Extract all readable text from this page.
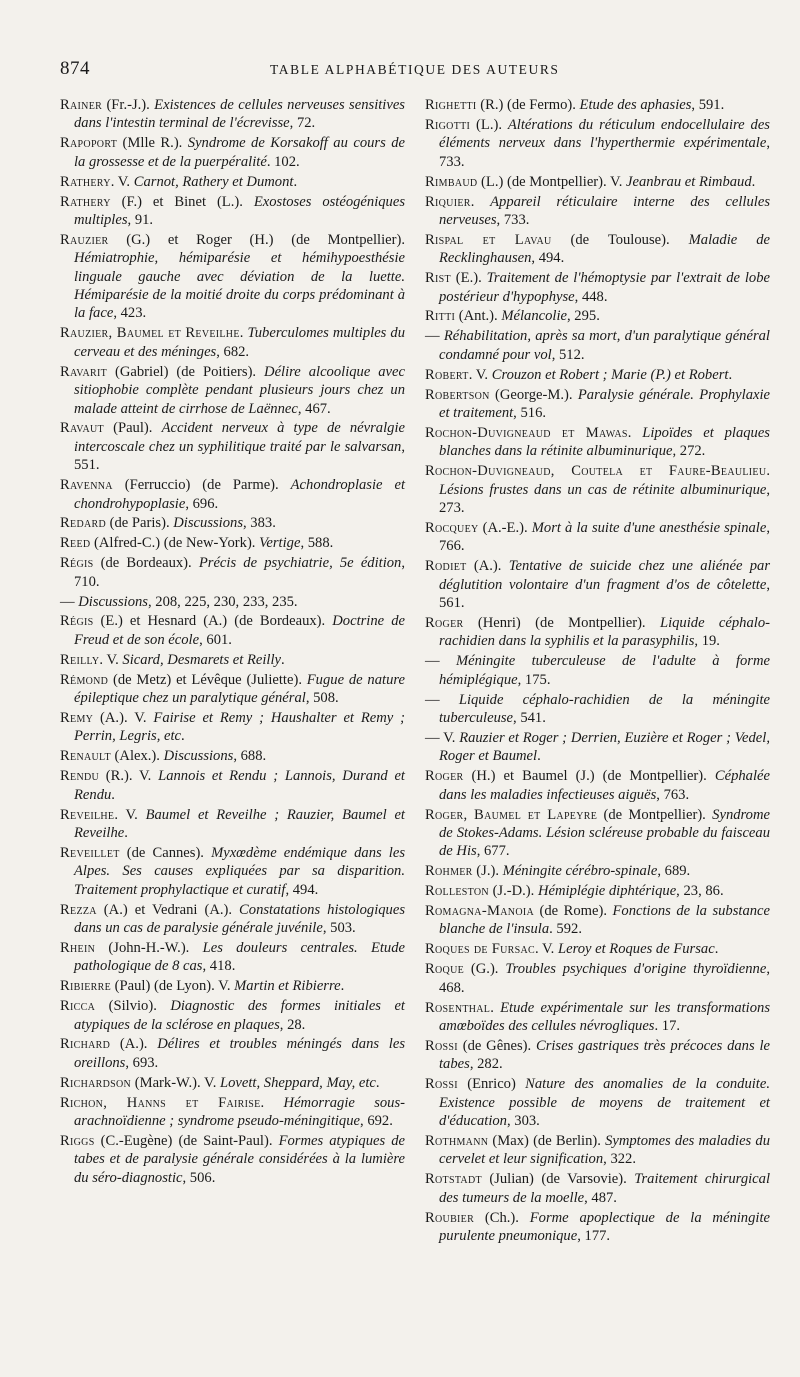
874	TABLE ALPHABÉTIQUE DES AUTEURS

Rainer (Fr.-J.). Existences de cellules nerveuses sensitives dans l'intestin terminal de l'écrevisse, 72.

Rapoport (Mlle R.). Syndrome de Korsakoff au cours de la grossesse et de la puerpéralité. 102.

Rathery. V. Carnot, Rathery et Dumont.

Rathery (F.) et Binet (L.). Exostoses ostéogéniques multiples, 91.

Rauzier (G.) et Roger (H.) (de Montpellier). Hémiatrophie, hémiparésie et hémihypoesthésie linguale gauche avec déviation de la luette. Hémiparésie de la moitié droite du corps prédominant à la face, 423.

Rauzier, Baumel et Reveilhe. Tuberculomes multiples du cerveau et des méninges, 682.

Ravarit (Gabriel) (de Poitiers). Délire alcoolique avec sitiophobie complète pendant plusieurs jours chez un malade atteint de cirrhose de Laënnec, 467.

Ravaut (Paul). Accident nerveux à type de névralgie intercoscale chez un syphilitique traité par le salvarsan, 551.

Ravenna (Ferruccio) (de Parme). Achondroplasie et chondrohypoplasie, 696.

Redard (de Paris). Discussions, 383.

Reed (Alfred-C.) (de New-York). Vertige, 588.

Régis (de Bordeaux). Précis de psychiatrie, 5e édition, 710.

— Discussions, 208, 225, 230, 233, 235.

Régis (E.) et Hesnard (A.) (de Bordeaux). Doctrine de Freud et de son école, 601.

Reilly. V. Sicard, Desmarets et Reilly.

Rémond (de Metz) et Lévêque (Juliette). Fugue de nature épileptique chez un paralytique général, 508.

Remy (A.). V. Fairise et Remy ; Haushalter et Remy ; Perrin, Legris, etc.

Renault (Alex.). Discussions, 688.

Rendu (R.). V. Lannois et Rendu ; Lannois, Durand et Rendu.

Reveilhe. V. Baumel et Reveilhe ; Rauzier, Baumel et Reveilhe.

Reveillet (de Cannes). Myxœdème endémique dans les Alpes. Ses causes expliquées par sa disparition. Traitement prophylactique et curatif, 494.

Rezza (A.) et Vedrani (A.). Constatations histologiques dans un cas de paralysie générale juvénile, 503.

Rhein (John-H.-W.). Les douleurs centrales. Etude pathologique de 8 cas, 418.

Ribierre (Paul) (de Lyon). V. Martin et Ribierre.

Ricca (Silvio). Diagnostic des formes initiales et atypiques de la sclérose en plaques, 28.

Richard (A.). Délires et troubles méningés dans les oreillons, 693.

Richardson (Mark-W.). V. Lovett, Sheppard, May, etc.

Richon, Hanns et Fairise. Hémorragie sous-arachnoïdienne ; syndrome pseudo-méningitique, 692.

Riggs (C.-Eugène) (de Saint-Paul). Formes atypiques de tabes et de paralysie générale considérées à la lumière du séro-diagnostic, 506.

Righetti (R.) (de Fermo). Etude des aphasies, 591.

Rigotti (L.). Altérations du réticulum endocellulaire des éléments nerveux dans l'hyperthermie expérimentale, 733.

Rimbaud (L.) (de Montpellier). V. Jeanbrau et Rimbaud.

Riquier. Appareil réticulaire interne des cellules nerveuses, 733.

Rispal et Lavau (de Toulouse). Maladie de Recklinghausen, 494.

Rist (E.). Traitement de l'hémoptysie par l'extrait de lobe postérieur d'hypophyse, 448.

Ritti (Ant.). Mélancolie, 295.

— Réhabilitation, après sa mort, d'un paralytique général condamné pour vol, 512.

Robert. V. Crouzon et Robert ; Marie (P.) et Robert.

Robertson (George-M.). Paralysie générale. Prophylaxie et traitement, 516.

Rochon-Duvigneaud et Mawas. Lipoïdes et plaques blanches dans la rétinite albuminurique, 272.

Rochon-Duvigneaud, Coutela et Faure-Beaulieu. Lésions frustes dans un cas de rétinite albuminurique, 273.

Rocquey (A.-E.). Mort à la suite d'une anesthésie spinale, 766.

Rodiet (A.). Tentative de suicide chez une aliénée par déglutition volontaire d'un fragment d'os de côtelette, 561.

Roger (Henri) (de Montpellier). Liquide céphalo-rachidien dans la syphilis et la parasyphilis, 19.

— Méningite tuberculeuse de l'adulte à forme hémiplégique, 175.

— Liquide céphalo-rachidien de la méningite tuberculeuse, 541.

— V. Rauzier et Roger ; Derrien, Euzière et Roger ; Vedel, Roger et Baumel.

Roger (H.) et Baumel (J.) (de Montpellier). Céphalée dans les maladies infectieuses aiguës, 763.

Roger, Baumel et Lapeyre (de Montpellier). Syndrome de Stokes-Adams. Lésion scléreuse probable du faisceau de His, 677.

Rohmer (J.). Méningite cérébro-spinale, 689.

Rolleston (J.-D.). Hémiplégie diphtérique, 23, 86.

Romagna-Manoia (de Rome). Fonctions de la substance blanche de l'insula. 592.

Roques de Fursac. V. Leroy et Roques de Fursac.

Roque (G.). Troubles psychiques d'origine thyroïdienne, 468.

Rosenthal. Etude expérimentale sur les transformations amœboïdes des cellules névrogliques. 17.

Rossi (de Gênes). Crises gastriques très précoces dans le tabes, 282.

Rossi (Enrico) Nature des anomalies de la conduite. Existence possible de moyens de traitement et d'éducation, 303.

Rothmann (Max) (de Berlin). Symptomes des maladies du cervelet et leur signification, 322.

Rotstadt (Julian) (de Varsovie). Traitement chirurgical des tumeurs de la moelle, 487.

Roubier (Ch.). Forme apoplectique de la méningite purulente pneumonique, 177.
